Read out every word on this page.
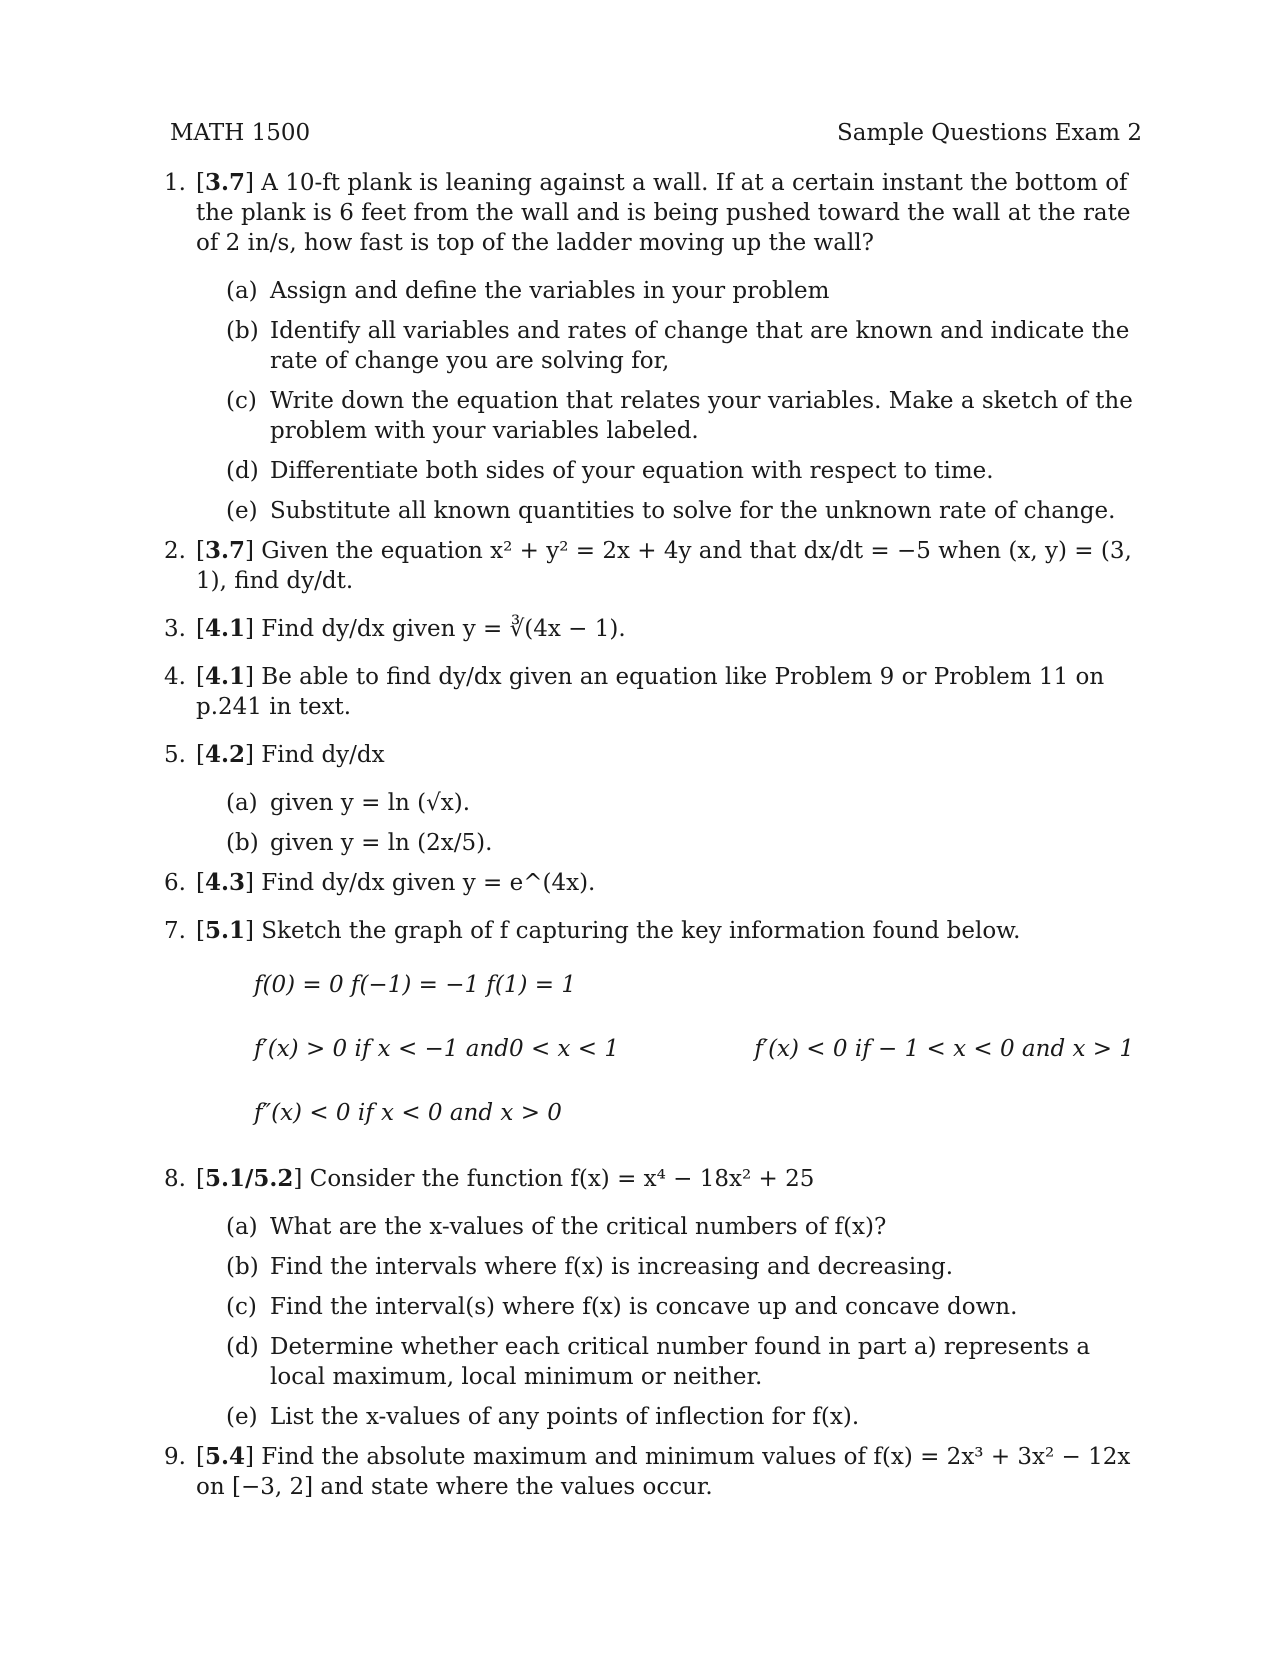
MATH 1500	Sample Questions Exam 2
1. [3.7] A 10-ft plank is leaning against a wall. If at a certain instant the bottom of the plank is 6 feet from the wall and is being pushed toward the wall at the rate of 2 in/s, how fast is top of the ladder moving up the wall?
(a) Assign and define the variables in your problem
(b) Identify all variables and rates of change that are known and indicate the rate of change you are solving for,
(c) Write down the equation that relates your variables. Make a sketch of the problem with your variables labeled.
(d) Differentiate both sides of your equation with respect to time.
(e) Substitute all known quantities to solve for the unknown rate of change.
2. [3.7] Given the equation x² + y² = 2x + 4y and that dx/dt = −5 when (x, y) = (3, 1), find dy/dt.
3. [4.1] Find dy/dx given y = ∛(4x − 1).
4. [4.1] Be able to find dy/dx given an equation like Problem 9 or Problem 11 on p.241 in text.
5. [4.2] Find dy/dx
(a) given y = ln (√x).
(b) given y = ln (2x/5).
6. [4.3] Find dy/dx given y = e^(4x).
7. [5.1] Sketch the graph of f capturing the key information found below.
f(0) = 0 f(−1) = −1 f(1) = 1
f′(x) > 0 if x < −1 and0 < x < 1	f′(x) < 0 if − 1 < x < 0 and x > 1
f″(x) < 0 if x < 0 and x > 0
8. [5.1/5.2] Consider the function f(x) = x⁴ − 18x² + 25
(a) What are the x-values of the critical numbers of f(x)?
(b) Find the intervals where f(x) is increasing and decreasing.
(c) Find the interval(s) where f(x) is concave up and concave down.
(d) Determine whether each critical number found in part a) represents a local maximum, local minimum or neither.
(e) List the x-values of any points of inflection for f(x).
9. [5.4] Find the absolute maximum and minimum values of f(x) = 2x³ + 3x² − 12x on [−3, 2] and state where the values occur.
